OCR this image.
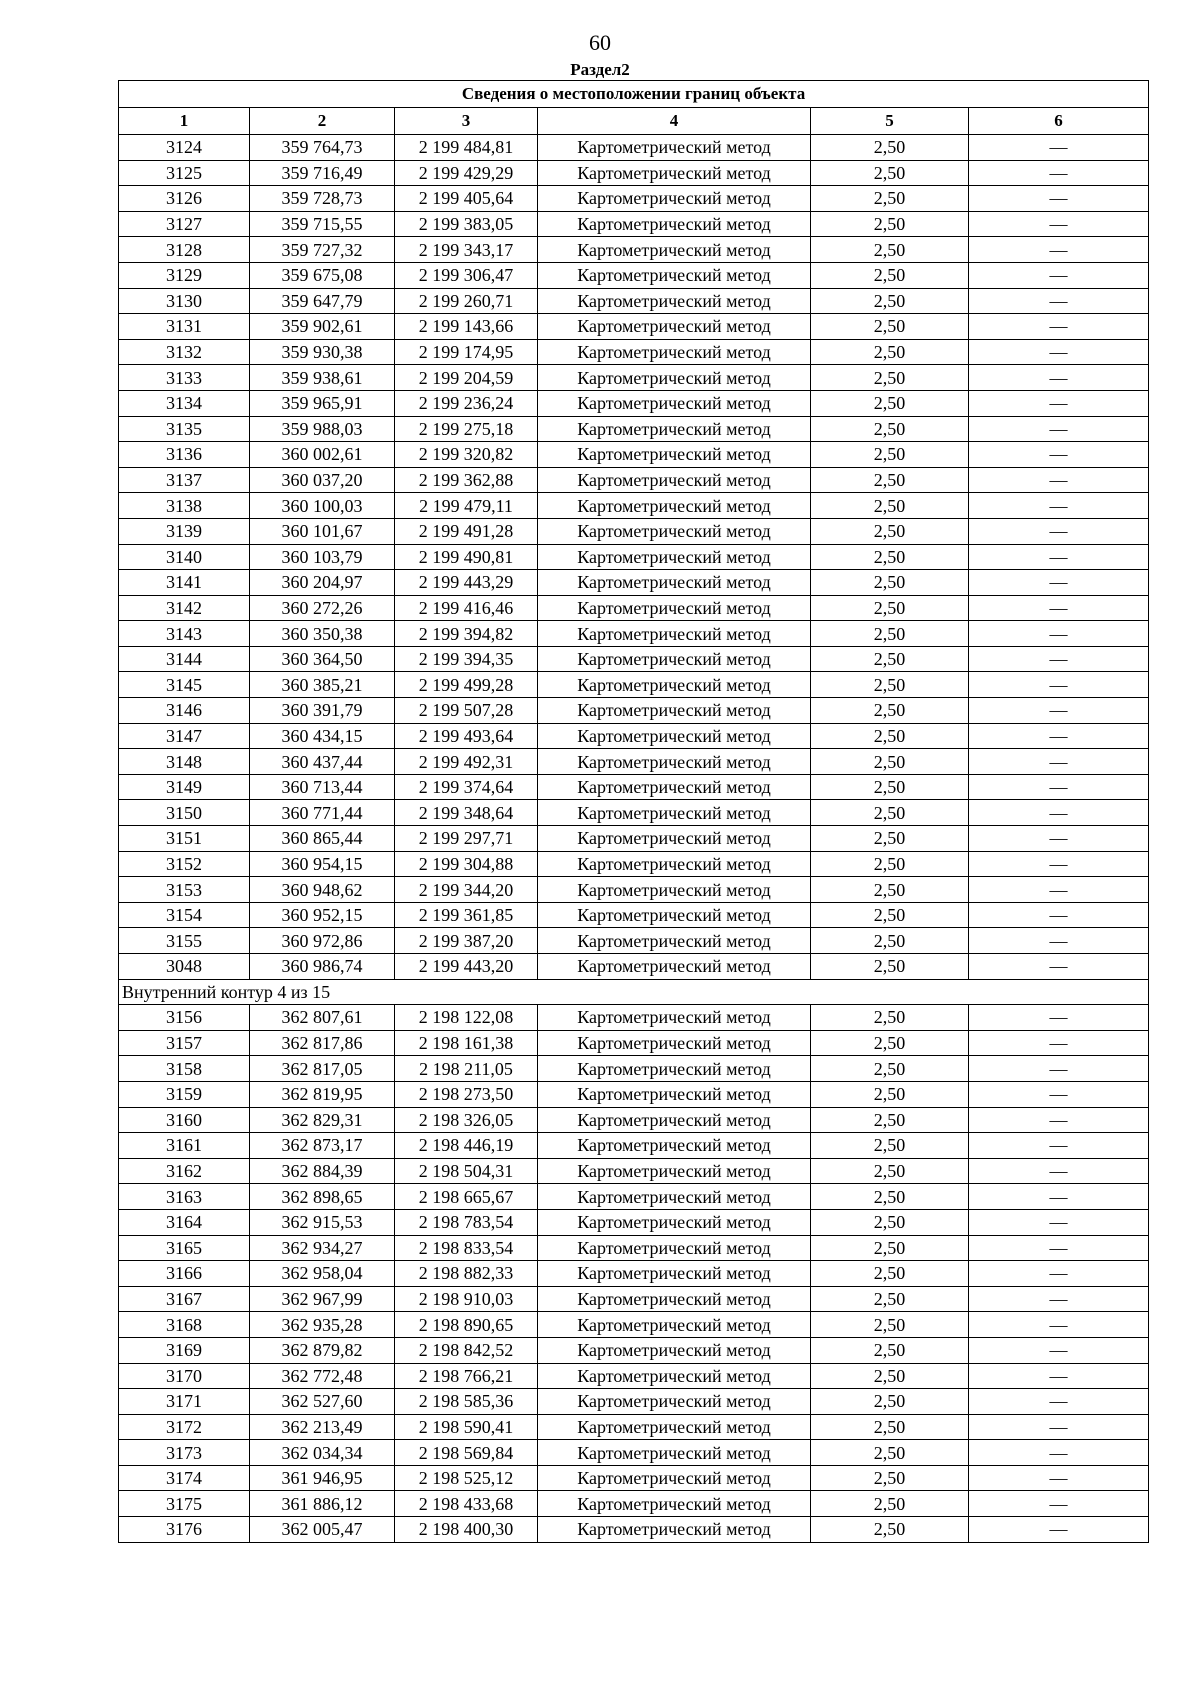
60
Раздел2
Сведения о местоположении границ объекта					
1	2	3	4	5	6
3124	359 764,73	2 199 484,81	Картометрический метод	2,50	—
3125	359 716,49	2 199 429,29	Картометрический метод	2,50	—
3126	359 728,73	2 199 405,64	Картометрический метод	2,50	—
3127	359 715,55	2 199 383,05	Картометрический метод	2,50	—
3128	359 727,32	2 199 343,17	Картометрический метод	2,50	—
3129	359 675,08	2 199 306,47	Картометрический метод	2,50	—
3130	359 647,79	2 199 260,71	Картометрический метод	2,50	—
3131	359 902,61	2 199 143,66	Картометрический метод	2,50	—
3132	359 930,38	2 199 174,95	Картометрический метод	2,50	—
3133	359 938,61	2 199 204,59	Картометрический метод	2,50	—
3134	359 965,91	2 199 236,24	Картометрический метод	2,50	—
3135	359 988,03	2 199 275,18	Картометрический метод	2,50	—
3136	360 002,61	2 199 320,82	Картометрический метод	2,50	—
3137	360 037,20	2 199 362,88	Картометрический метод	2,50	—
3138	360 100,03	2 199 479,11	Картометрический метод	2,50	—
3139	360 101,67	2 199 491,28	Картометрический метод	2,50	—
3140	360 103,79	2 199 490,81	Картометрический метод	2,50	—
3141	360 204,97	2 199 443,29	Картометрический метод	2,50	—
3142	360 272,26	2 199 416,46	Картометрический метод	2,50	—
3143	360 350,38	2 199 394,82	Картометрический метод	2,50	—
3144	360 364,50	2 199 394,35	Картометрический метод	2,50	—
3145	360 385,21	2 199 499,28	Картометрический метод	2,50	—
3146	360 391,79	2 199 507,28	Картометрический метод	2,50	—
3147	360 434,15	2 199 493,64	Картометрический метод	2,50	—
3148	360 437,44	2 199 492,31	Картометрический метод	2,50	—
3149	360 713,44	2 199 374,64	Картометрический метод	2,50	—
3150	360 771,44	2 199 348,64	Картометрический метод	2,50	—
3151	360 865,44	2 199 297,71	Картометрический метод	2,50	—
3152	360 954,15	2 199 304,88	Картометрический метод	2,50	—
3153	360 948,62	2 199 344,20	Картометрический метод	2,50	—
3154	360 952,15	2 199 361,85	Картометрический метод	2,50	—
3155	360 972,86	2 199 387,20	Картометрический метод	2,50	—
3048	360 986,74	2 199 443,20	Картометрический метод	2,50	—
Внутренний контур 4 из 15					
3156	362 807,61	2 198 122,08	Картометрический метод	2,50	—
3157	362 817,86	2 198 161,38	Картометрический метод	2,50	—
3158	362 817,05	2 198 211,05	Картометрический метод	2,50	—
3159	362 819,95	2 198 273,50	Картометрический метод	2,50	—
3160	362 829,31	2 198 326,05	Картометрический метод	2,50	—
3161	362 873,17	2 198 446,19	Картометрический метод	2,50	—
3162	362 884,39	2 198 504,31	Картометрический метод	2,50	—
3163	362 898,65	2 198 665,67	Картометрический метод	2,50	—
3164	362 915,53	2 198 783,54	Картометрический метод	2,50	—
3165	362 934,27	2 198 833,54	Картометрический метод	2,50	—
3166	362 958,04	2 198 882,33	Картометрический метод	2,50	—
3167	362 967,99	2 198 910,03	Картометрический метод	2,50	—
3168	362 935,28	2 198 890,65	Картометрический метод	2,50	—
3169	362 879,82	2 198 842,52	Картометрический метод	2,50	—
3170	362 772,48	2 198 766,21	Картометрический метод	2,50	—
3171	362 527,60	2 198 585,36	Картометрический метод	2,50	—
3172	362 213,49	2 198 590,41	Картометрический метод	2,50	—
3173	362 034,34	2 198 569,84	Картометрический метод	2,50	—
3174	361 946,95	2 198 525,12	Картометрический метод	2,50	—
3175	361 886,12	2 198 433,68	Картометрический метод	2,50	—
3176	362 005,47	2 198 400,30	Картометрический метод	2,50	—
